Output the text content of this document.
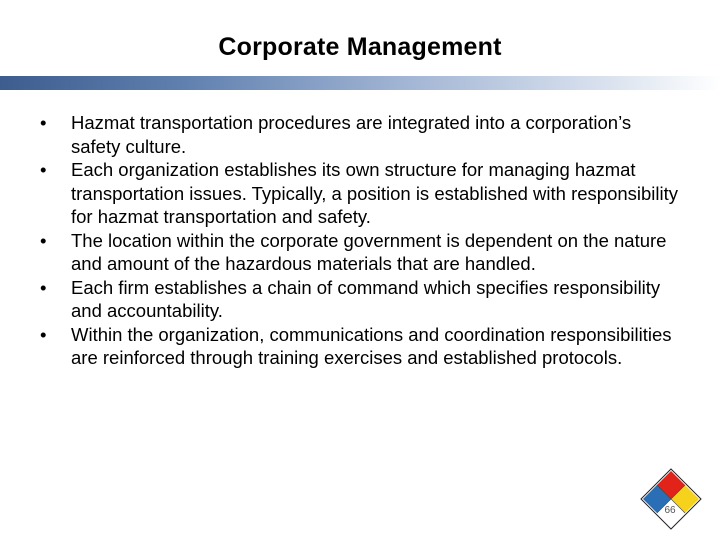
Corporate Management
• Hazmat transportation procedures are integrated into a corporation’s safety culture.
• Each organization establishes its own structure for managing hazmat transportation issues. Typically, a position is established with responsibility for hazmat transportation and safety.
• The location within the corporate government is dependent on the nature and amount of the hazardous materials that are handled.
• Each firm establishes a chain of command which specifies responsibility and accountability.
• Within the organization, communications and coordination responsibilities are reinforced through training exercises and established protocols.
66
